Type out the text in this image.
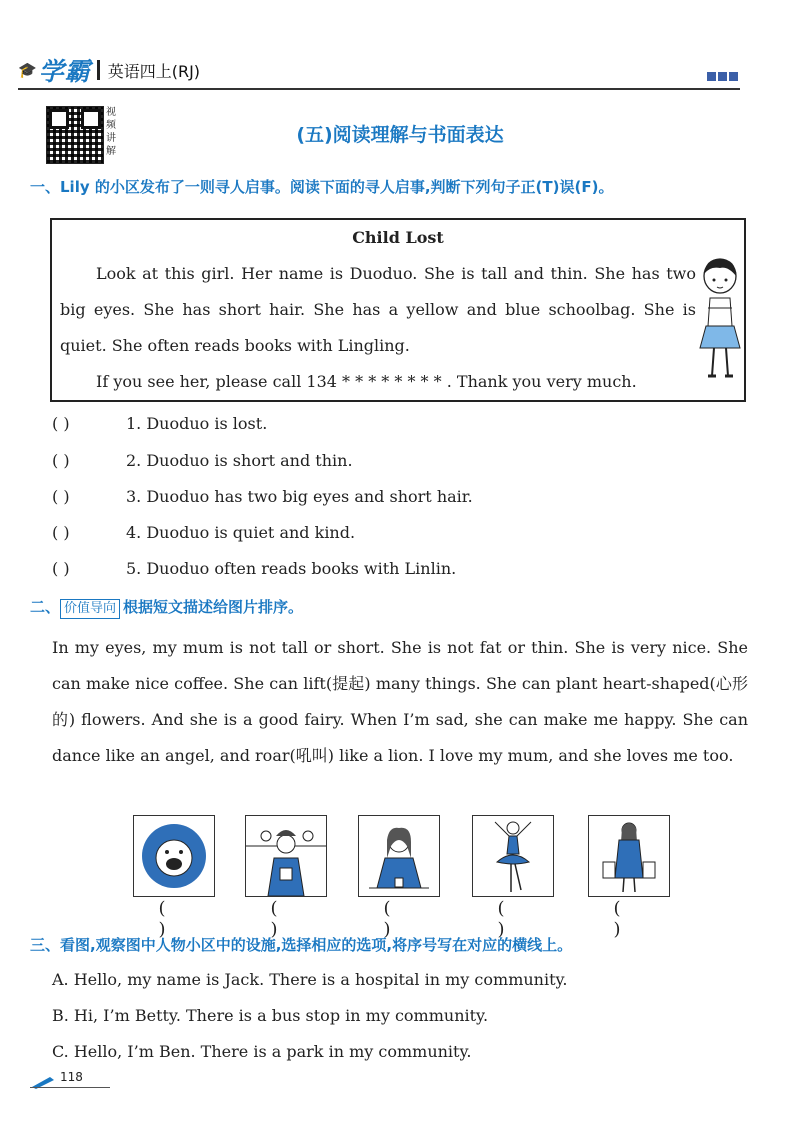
🎓 学霸 英语四上(RJ)
视频讲解
(五)阅读理解与书面表达
一、Lily 的小区发布了一则寻人启事。阅读下面的寻人启事,判断下列句子正(T)误(F)。
Child Lost
Look at this girl. Her name is Duoduo. She is tall and thin. She has two big eyes. She has short hair. She has a yellow and blue schoolbag. She is quiet. She often reads books with Lingling.
If you see her, please call 134 * * * * * * * * . Thank you very much.
( )	1. Duoduo is lost.
( )	2. Duoduo is short and thin.
( )	3. Duoduo has two big eyes and short hair.
( )	4. Duoduo is quiet and kind.
( )	5. Duoduo often reads books with Linlin.
二、 价值导向 根据短文描述给图片排序。
In my eyes, my mum is not tall or short. She is not fat or thin. She is very nice. She can make nice coffee. She can lift(提起) many things. She can plant heart-shaped(心形的) flowers. And she is a good fairy. When I’m sad, she can make me happy. She can dance like an angel, and roar(吼叫) like a lion. I love my mum, and she loves me too.
( )
( )
( )
( )
( )
三、看图,观察图中人物小区中的设施,选择相应的选项,将序号写在对应的横线上。
A. Hello, my name is Jack. There is a hospital in my community.
B. Hi, I’m Betty. There is a bus stop in my community.
C. Hello, I’m Ben. There is a park in my community.
118
